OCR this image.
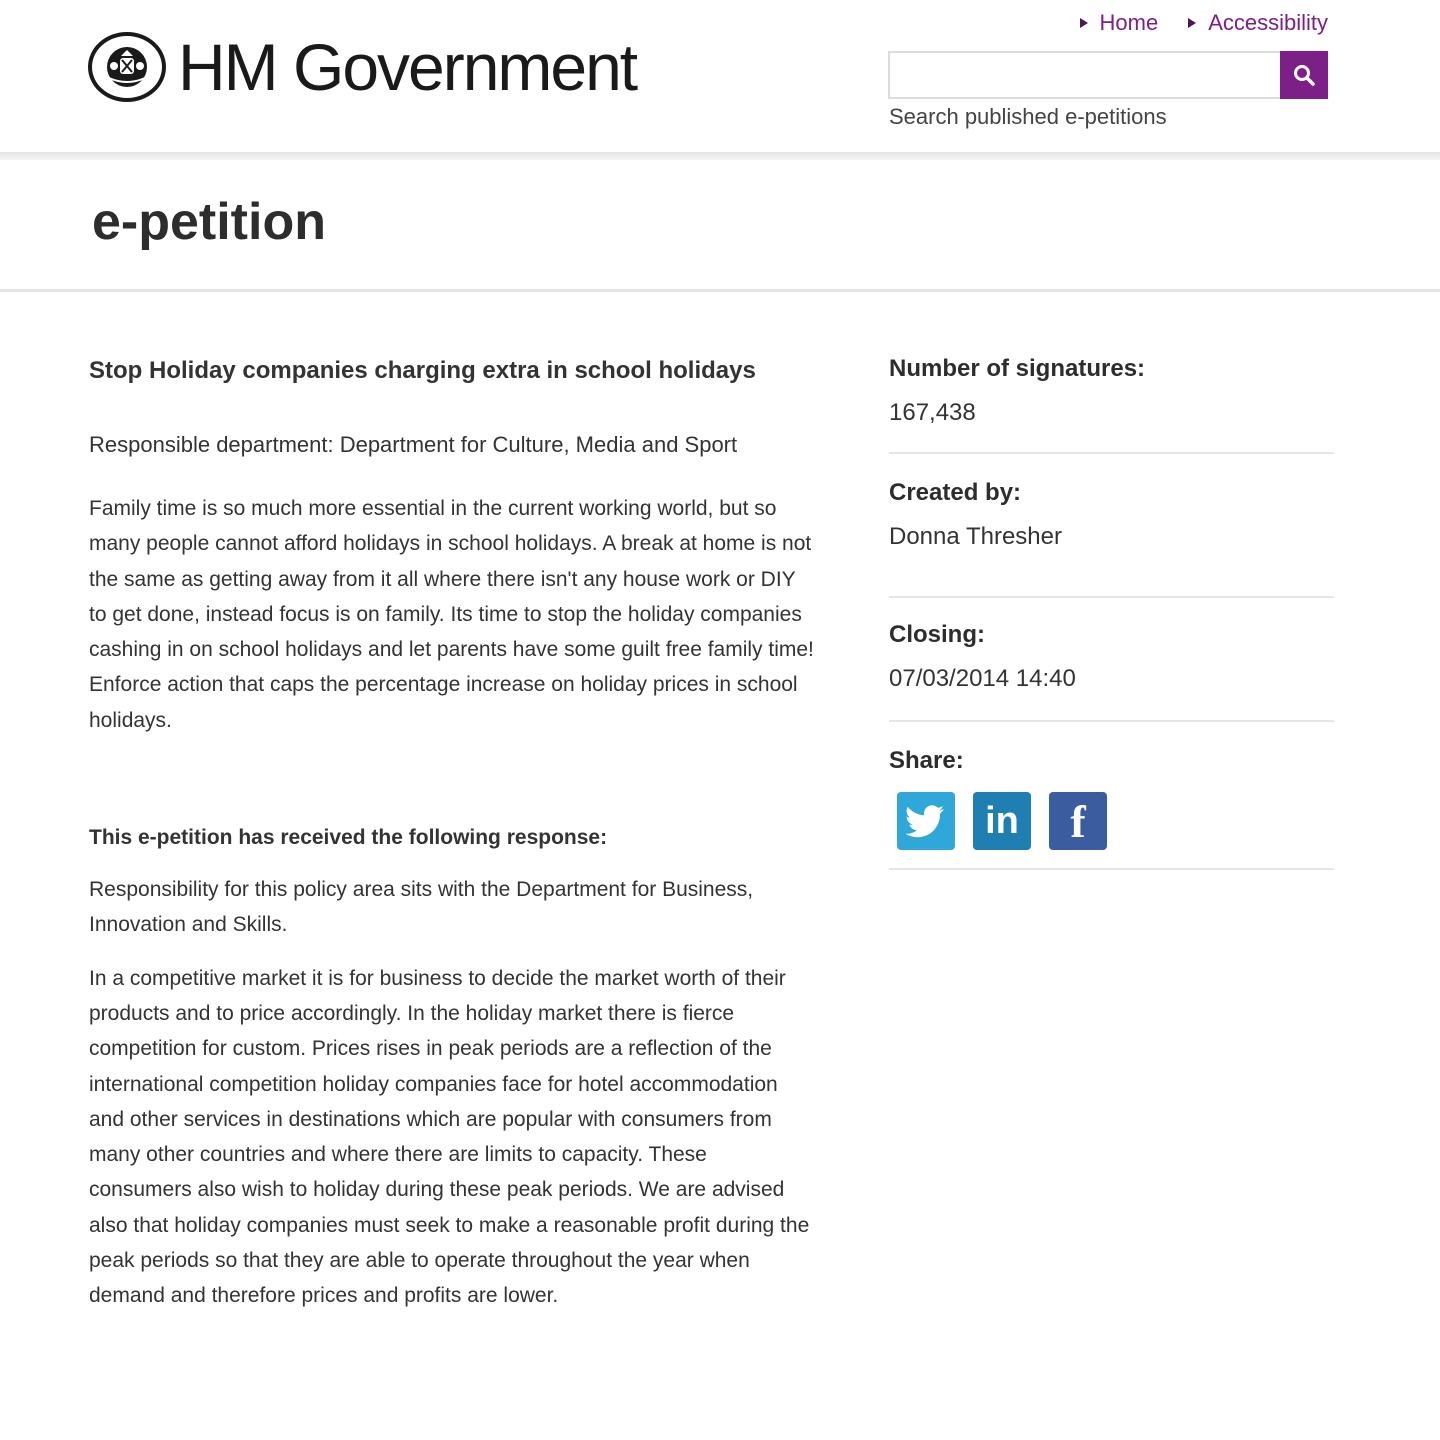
HM Government
Home Accessibility
Search published e-petitions
e-petition
Stop Holiday companies charging extra in school holidays

Responsible department: Department for Culture, Media and Sport

Family time is so much more essential in the current working world, but so many people cannot afford holidays in school holidays. A break at home is not the same as getting away from it all where there isn't any house work or DIY to get done, instead focus is on family. Its time to stop the holiday companies cashing in on school holidays and let parents have some guilt free family time! Enforce action that caps the percentage increase on holiday prices in school holidays.

This e-petition has received the following response:

Responsibility for this policy area sits with the Department for Business, Innovation and Skills.

In a competitive market it is for business to decide the market worth of their products and to price accordingly. In the holiday market there is fierce competition for custom. Prices rises in peak periods are a reflection of the international competition holiday companies face for hotel accommodation and other services in destinations which are popular with consumers from many other countries and where there are limits to capacity. These consumers also wish to holiday during these peak periods. We are advised also that holiday companies must seek to make a reasonable profit during the peak periods so that they are able to operate throughout the year when demand and therefore prices and profits are lower.

Number of signatures:
167,438
Created by:
Donna Thresher
Closing:
07/03/2014 14:40
Share:
in	f
